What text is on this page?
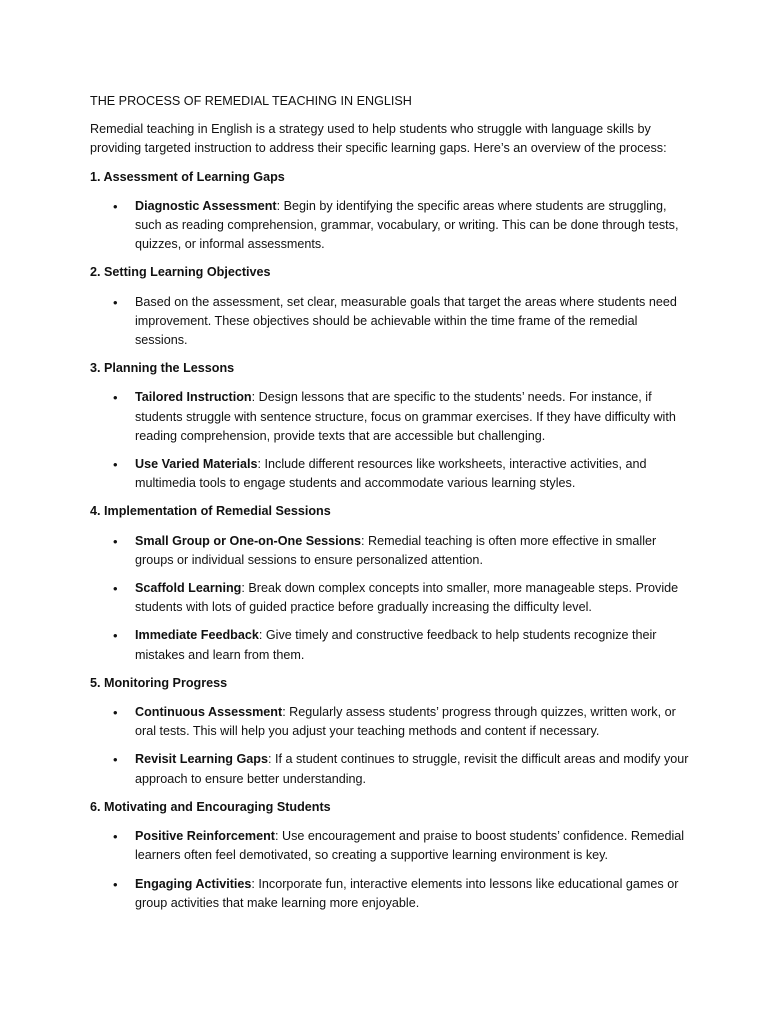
THE PROCESS OF REMEDIAL TEACHING IN ENGLISH

Remedial teaching in English is a strategy used to help students who struggle with language skills by providing targeted instruction to address their specific learning gaps. Here’s an overview of the process:

1. Assessment of Learning Gaps

• Diagnostic Assessment: Begin by identifying the specific areas where students are struggling, such as reading comprehension, grammar, vocabulary, or writing. This can be done through tests, quizzes, or informal assessments.

2. Setting Learning Objectives

• Based on the assessment, set clear, measurable goals that target the areas where students need improvement. These objectives should be achievable within the time frame of the remedial sessions.

3. Planning the Lessons

• Tailored Instruction: Design lessons that are specific to the students’ needs. For instance, if students struggle with sentence structure, focus on grammar exercises. If they have difficulty with reading comprehension, provide texts that are accessible but challenging.
• Use Varied Materials: Include different resources like worksheets, interactive activities, and multimedia tools to engage students and accommodate various learning styles.

4. Implementation of Remedial Sessions

• Small Group or One-on-One Sessions: Remedial teaching is often more effective in smaller groups or individual sessions to ensure personalized attention.
• Scaffold Learning: Break down complex concepts into smaller, more manageable steps. Provide students with lots of guided practice before gradually increasing the difficulty level.
• Immediate Feedback: Give timely and constructive feedback to help students recognize their mistakes and learn from them.

5. Monitoring Progress

• Continuous Assessment: Regularly assess students’ progress through quizzes, written work, or oral tests. This will help you adjust your teaching methods and content if necessary.
• Revisit Learning Gaps: If a student continues to struggle, revisit the difficult areas and modify your approach to ensure better understanding.

6. Motivating and Encouraging Students

• Positive Reinforcement: Use encouragement and praise to boost students’ confidence. Remedial learners often feel demotivated, so creating a supportive learning environment is key.
• Engaging Activities: Incorporate fun, interactive elements into lessons like educational games or group activities that make learning more enjoyable.
